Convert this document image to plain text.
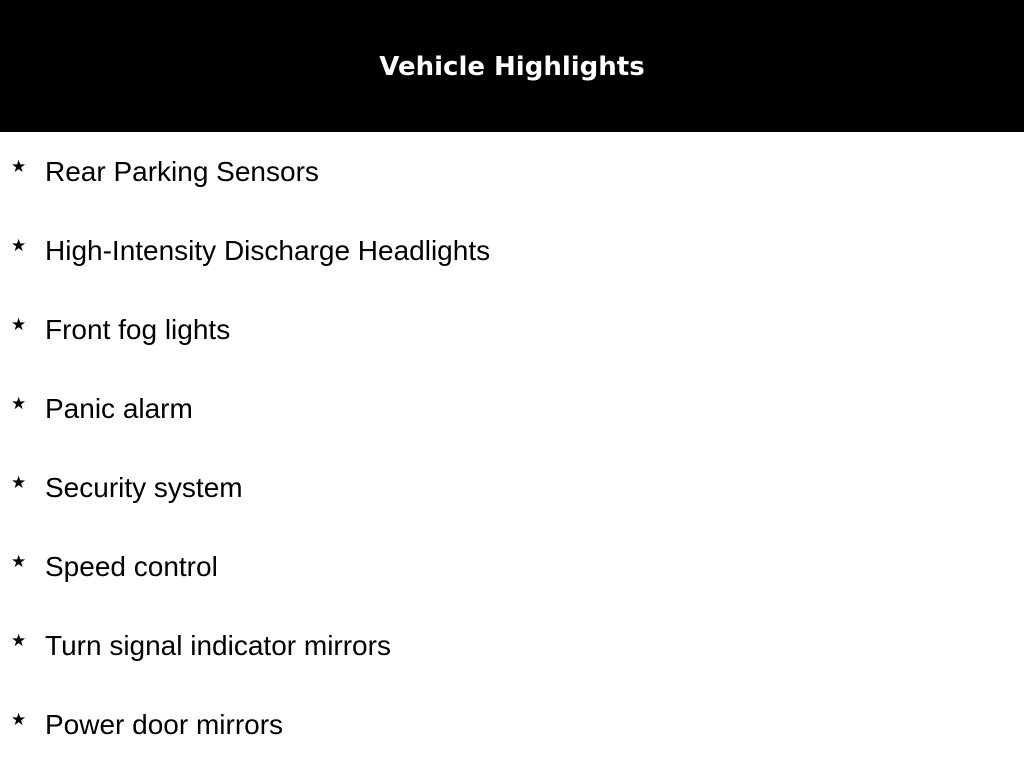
Vehicle Highlights
★ Rear Parking Sensors
★ High-Intensity Discharge Headlights
★ Front fog lights
★ Panic alarm
★ Security system
★ Speed control
★ Turn signal indicator mirrors
★ Power door mirrors
